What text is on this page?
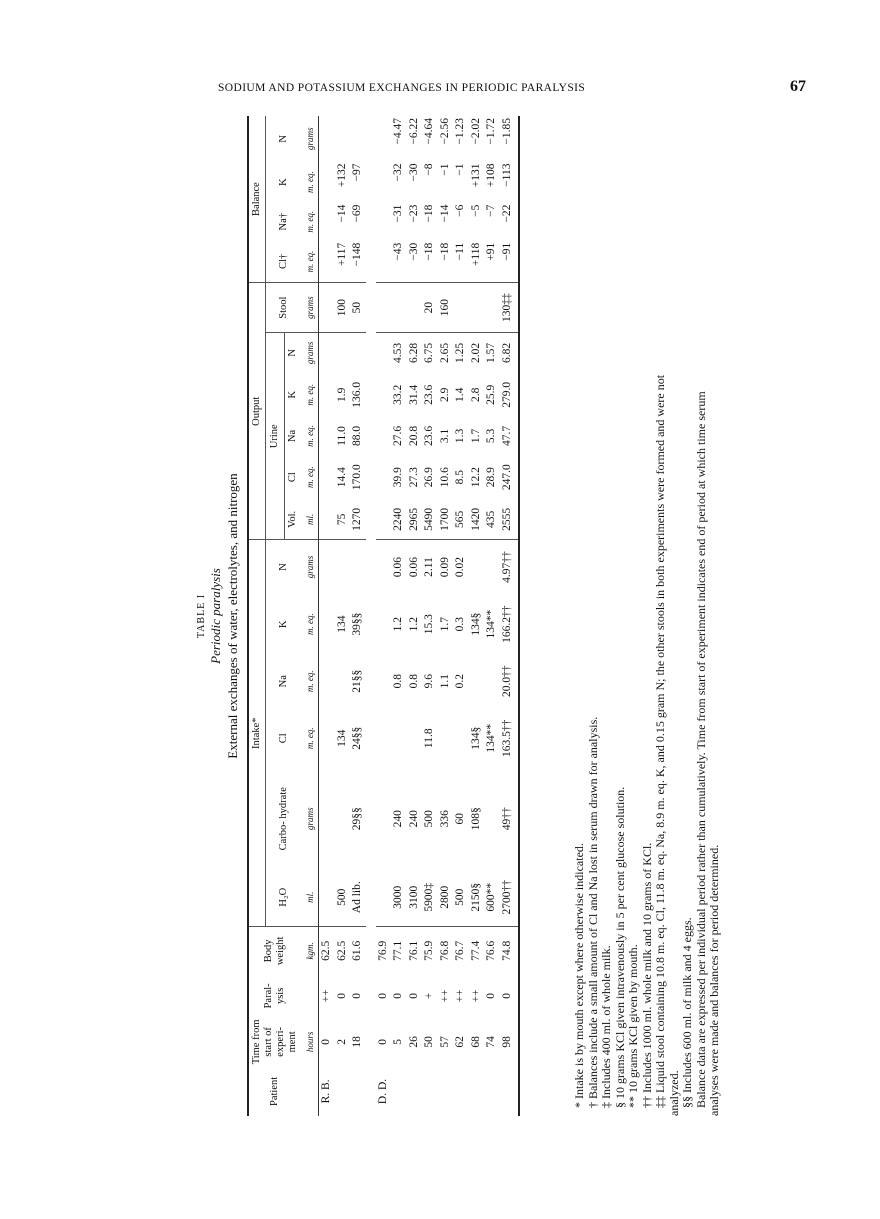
SODIUM AND POTASSIUM EXCHANGES IN PERIODIC PARALYSIS	67
TABLE I Periodic paralysis External exchanges of water, electrolytes, and nitrogen
Patient	Time from start of experi- ment	Paral- ysis	Body weight	Intake*						Output						Balance			
				H₂O	Carbo- hydrate	Cl	Na	K	N	Urine					Stool	Cl†	Na†	K	N
										Vol.	Cl	Na	K	N					
	hours		kgm.	ml.	grams	m. eq.	m. eq.	m. eq.	grams	ml.	m. eq.	m. eq.	m. eq.	grams	grams	m. eq.	m. eq.	m. eq.	grams
R. B.	0	++	62.5																
	2	0	62.5	500		134		134		75	14.4	11.0	1.9		100	+117	−14	+132	
	18	0	61.6	Ad lib.	29§§	24§§	21§§	39§§		1270	170.0	88.0	136.0		50	−148	−69	−97	
D. D.	0	0	76.9																
	5	0	77.1	3000	240		0.8	1.2	0.06	2240	39.9	27.6	33.2	4.53		−43	−31	−32	−4.47
	26	0	76.1	3100	240		0.8	1.2	0.06	2965	27.3	20.8	31.4	6.28		−30	−23	−30	−6.22
	50	+	75.9	5900‡	500	11.8	9.6	15.3	2.11	5490	26.9	23.6	23.6	6.75	20	−18	−18	−8	−4.64
	57	++	76.8	2800	336		1.1	1.7	0.09	1700	10.6	3.1	2.9	2.65	160	−18	−14	−1	−2.56
	62	++	76.7	500	60		0.2	0.3	0.02	565	8.5	1.3	1.4	1.25		−11	−6	−1	−1.23
	68	++	77.4	2150§	108§	134§		134§		1420	12.2	1.7	2.8	2.02		+118	−5	+131	−2.02
	74	0	76.6	600**		134**		134**		435	28.9	5.3	25.9	1.57		+91	−7	+108	−1.72
	98	0	74.8	2700††	49††	163.5††	20.0††	166.2††	4.97††	2555	247.0	47.7	279.0	6.82	130‡‡	−91	−22	−113	−1.85

* Intake is by mouth except where otherwise indicated. † Balances include a small amount of Cl and Na lost in serum drawn for analysis. ‡ Includes 400 ml. of whole milk. § 10 grams KCl given intravenously in 5 per cent glucose solution. ** 10 grams KCl given by mouth. †† Includes 1000 ml. whole milk and 10 grams of KCl. ‡‡ Liquid stool containing 10.8 m. eq. Cl, 11.8 m. eq. Na, 8.9 m. eq. K, and 0.15 gram N; the other stools in both experiments were formed and were not analyzed. §§ Includes 600 ml. of milk and 4 eggs. Balance data are expressed per individual period rather than cumulatively. Time from start of experiment indicates end of period at which time serum analyses were made and balances for period determined.
